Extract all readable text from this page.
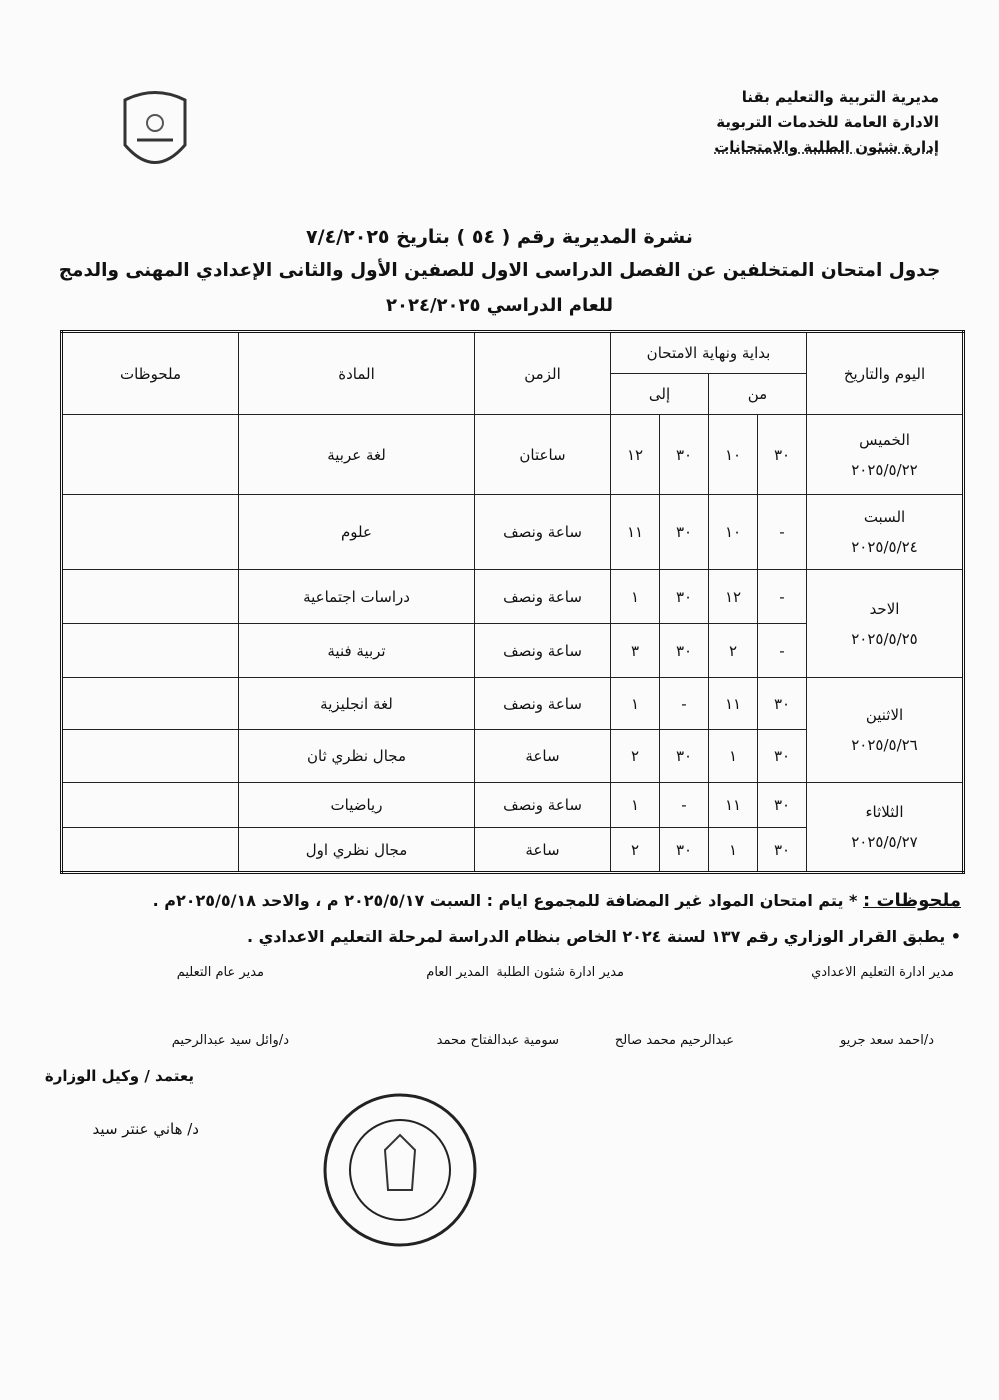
مديرية التربية والتعليم بقنا
الادارة العامة للخدمات التربوية
إدارة شئون الطلبة والامتحانات
نشرة المديرية رقم ( ٥٤ ) بتاريخ ٧/٤/٢٠٢٥
جدول امتحان المتخلفين عن الفصل الدراسى الاول للصفين الأول والثانى الإعدادي المهنى والدمج
للعام الدراسي ٢٠٢٤/٢٠٢٥
اليوم والتاريخ	بداية ونهاية الامتحان				الزمن	المادة	ملحوظات
	من		إلى				

الخميس
٢٠٢٥/٥/٢٢	٣٠	١٠	٣٠	١٢	ساعتان	لغة عربية	

السبت
٢٠٢٥/٥/٢٤	-	١٠	٣٠	١١	ساعة ونصف	علوم	

الاحد
٢٠٢٥/٥/٢٥	-	١٢	٣٠	١	ساعة ونصف	دراسات اجتماعية	
	-	٢	٣٠	٣	ساعة ونصف	تربية فنية	

الاثنين
٢٠٢٥/٥/٢٦	٣٠	١١	-	١	ساعة ونصف	لغة انجليزية	
	٣٠	١	٣٠	٢	ساعة	مجال نظري ثان	

الثلاثاء
٢٠٢٥/٥/٢٧	٣٠	١١	-	١	ساعة ونصف	رياضيات	
	٣٠	١	٣٠	٢	ساعة	مجال نظري اول	
ملحوظات : * يتم امتحان المواد غير المضافة للمجموع ايام : السبت ٢٠٢٥/٥/١٧ م ، والاحد ٢٠٢٥/٥/١٨م .
• يطبق القرار الوزاري رقم ١٣٧ لسنة ٢٠٢٤ الخاص بنظام الدراسة لمرحلة التعليم الاعدادي .
مدير ادارة التعليم الاعدادي
مدير ادارة شئون الطلبة
المدير العام
مدير عام التعليم
د/احمد سعد جريو
عبدالرحيم محمد صالح
سومية عبدالفتاح محمد
د/وائل سيد عبدالرحيم
يعتمد / وكيل الوزارة
د/ هاني عنتر سيد
